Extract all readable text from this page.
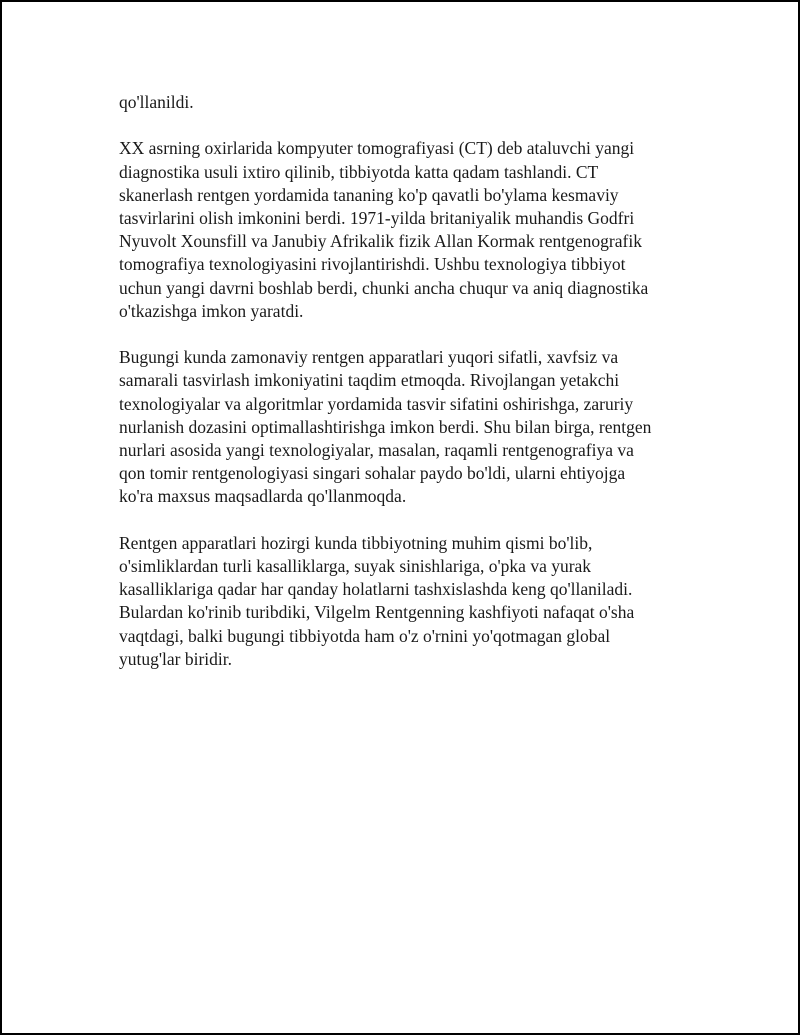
qo'llanildi.

XX asrning oxirlarida kompyuter tomografiyasi (CT) deb ataluvchi yangi
diagnostika usuli ixtiro qilinib, tibbiyotda katta qadam tashlandi. CT
skanerlash rentgen yordamida tananing ko'p qavatli bo'ylama kesmaviy
tasvirlarini olish imkonini berdi. 1971-yilda britaniyalik muhandis Godfri
Nyuvolt Xounsfill va Janubiy Afrikalik fizik Allan Kormak rentgenografik
tomografiya texnologiyasini rivojlantirishdi. Ushbu texnologiya tibbiyot
uchun yangi davrni boshlab berdi, chunki ancha chuqur va aniq diagnostika
o'tkazishga imkon yaratdi.

Bugungi kunda zamonaviy rentgen apparatlari yuqori sifatli, xavfsiz va
samarali tasvirlash imkoniyatini taqdim etmoqda. Rivojlangan yetakchi
texnologiyalar va algoritmlar yordamida tasvir sifatini oshirishga, zaruriy
nurlanish dozasini optimallashtirishga imkon berdi. Shu bilan birga, rentgen
nurlari asosida yangi texnologiyalar, masalan, raqamli rentgenografiya va
qon tomir rentgenologiyasi singari sohalar paydo bo'ldi, ularni ehtiyojga
ko'ra maxsus maqsadlarda qo'llanmoqda.

Rentgen apparatlari hozirgi kunda tibbiyotning muhim qismi bo'lib,
o'simliklardan turli kasalliklarga, suyak sinishlariga, o'pka va yurak
kasalliklariga qadar har qanday holatlarni tashxislashda keng qo'llaniladi.
Bulardan ko'rinib turibdiki, Vilgelm Rentgenning kashfiyoti nafaqat o'sha
vaqtdagi, balki bugungi tibbiyotda ham o'z o'rnini yo'qotmagan global
yutug'lar biridir.
